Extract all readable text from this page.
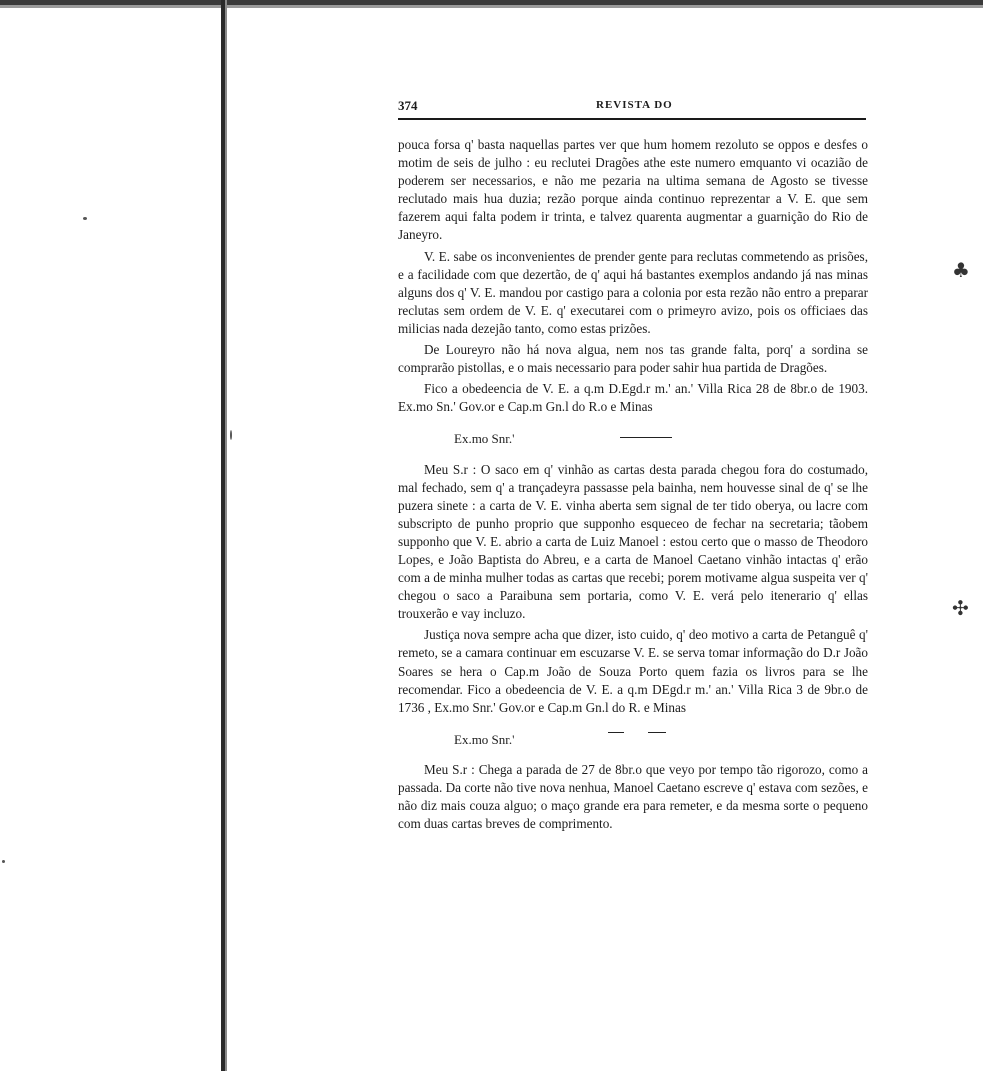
♣
✣
374	REVISTA DO

pouca forsa q' basta naquellas partes ver que hum homem rezoluto se oppos e desfes o motim de seis de julho : eu reclutei Dragões athe este numero emquanto vi ocazião de poderem ser necessarios, e não me pezaria na ultima semana de Agosto se tivesse reclutado mais hua duzia; rezão porque ainda continuo reprezentar a V. E. que sem fazerem aqui falta podem ir trinta, e talvez quarenta augmentar a guarnição do Rio de Janeyro.

V. E. sabe os inconvenientes de prender gente para reclutas commetendo as prisões, e a facilidade com que dezertão, de q' aqui há bastantes exemplos andando já nas minas alguns dos q' V. E. mandou por castigo para a colonia por esta rezão não entro a preparar reclutas sem ordem de V. E. q' executarei com o primeyro avizo, pois os officiaes das milicias nada dezejão tanto, como estas prizões.

De Loureyro não há nova algua, nem nos tas grande falta, porq' a sordina se comprarão pistollas, e o mais necessario para poder sahir hua partida de Dragões.

Fico a obedeencia de V. E. a q.m D.Egd.r m.' an.' Villa Rica 28 de 8br.o de 1903. Ex.mo Sn.' Gov.or e Cap.m Gn.l do R.o e Minas

Ex.mo Snr.'

Meu S.r : O saco em q' vinhão as cartas desta parada chegou fora do costumado, mal fechado, sem q' a trançadeyra passasse pela bainha, nem houvesse sinal de q' se lhe puzera sinete : a carta de V. E. vinha aberta sem signal de ter tido oberya, ou lacre com subscripto de punho proprio que supponho esqueceo de fechar na secretaria; tãobem supponho que V. E. abrio a carta de Luiz Manoel : estou certo que o masso de Theodoro Lopes, e João Baptista do Abreu, e a carta de Manoel Caetano vinhão intactas q' erão com a de minha mulher todas as cartas que recebi; porem motivame algua suspeita ver q' chegou o saco a Paraibuna sem portaria, como V. E. verá pelo itenerario q' ellas trouxerão e vay incluzo.

Justiça nova sempre acha que dizer, isto cuido, q' deo motivo a carta de Petanguê q' remeto, se a camara continuar em escuzarse V. E. se serva tomar informação do D.r João Soares se hera o Cap.m João de Souza Porto quem fazia os livros para se lhe recomendar. Fico a obedeencia de V. E. a q.m DEgd.r m.' an.' Villa Rica 3 de 9br.o de 1736 , Ex.mo Snr.' Gov.or e Cap.m Gn.l do R. e Minas

Ex.mo Snr.'

Meu S.r : Chega a parada de 27 de 8br.o que veyo por tempo tão rigorozo, como a passada. Da corte não tive nova nenhua, Manoel Caetano escreve q' estava com sezões, e não diz mais couza alguo; o maço grande era para remeter, e da mesma sorte o pequeno com duas cartas breves de comprimento.
